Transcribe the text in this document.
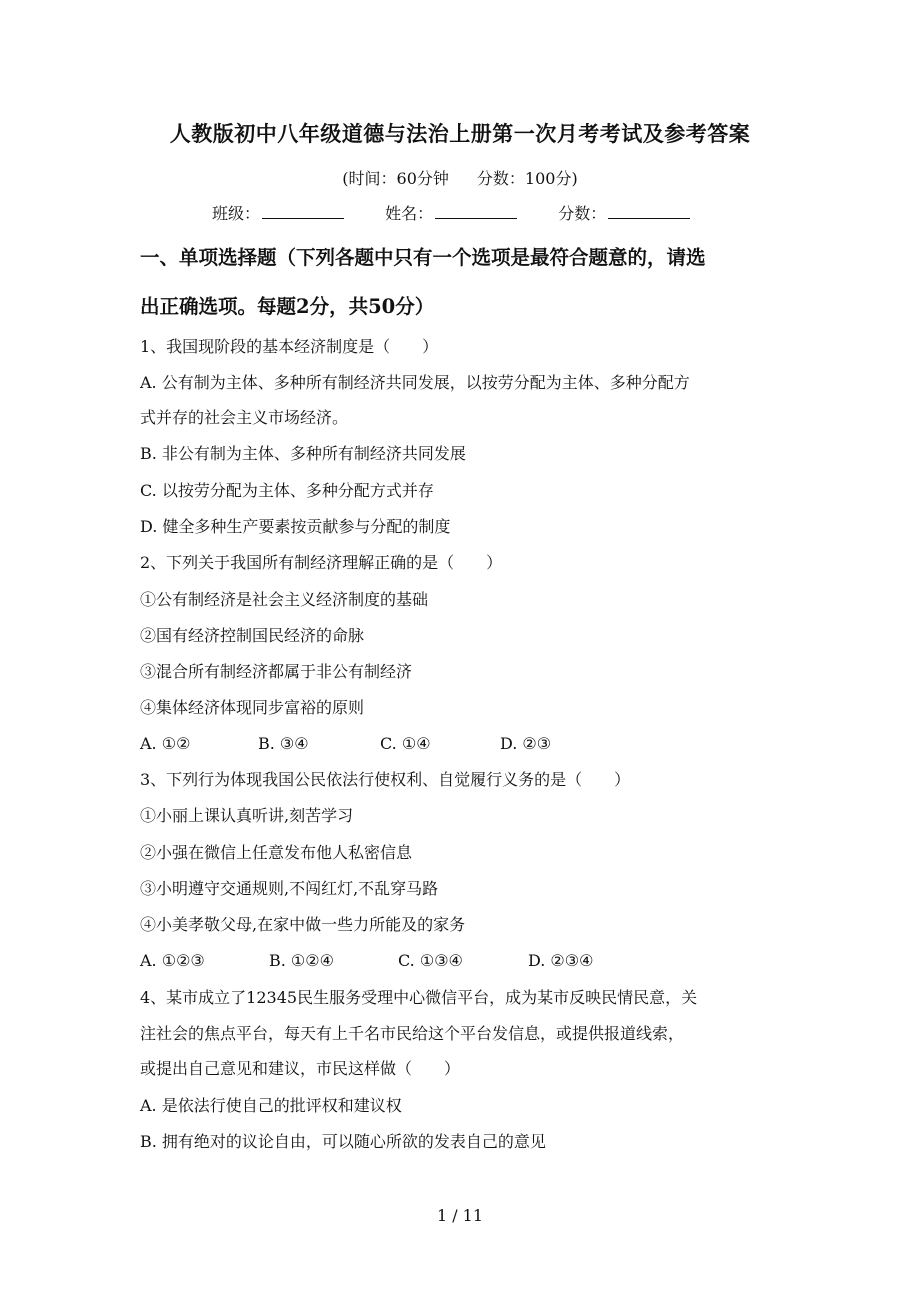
人教版初中八年级道德与法治上册第一次月考考试及参考答案
(时间：60分钟 分数：100分)
班级：	姓名：	分数：
一、单项选择题（下列各题中只有一个选项是最符合题意的，请选
出正确选项。每题2分，共50分）
1、我国现阶段的基本经济制度是（　　）
A. 公有制为主体、多种所有制经济共同发展，以按劳分配为主体、多种分配方
式并存的社会主义市场经济。
B. 非公有制为主体、多种所有制经济共同发展
C. 以按劳分配为主体、多种分配方式并存
D. 健全多种生产要素按贡献参与分配的制度
2、下列关于我国所有制经济理解正确的是（　　）
①公有制经济是社会主义经济制度的基础
②国有经济控制国民经济的命脉
③混合所有制经济都属于非公有制经济
④集体经济体现同步富裕的原则
A. ①②	B. ③④	C. ①④	D. ②③
3、下列行为体现我国公民依法行使权利、自觉履行义务的是（　　）
①小丽上课认真听讲,刻苦学习
②小强在微信上任意发布他人私密信息
③小明遵守交通规则,不闯红灯,不乱穿马路
④小美孝敬父母,在家中做一些力所能及的家务
A. ①②③	B. ①②④	C. ①③④	D. ②③④
4、某市成立了12345民生服务受理中心微信平台，成为某市反映民情民意，关
注社会的焦点平台，每天有上千名市民给这个平台发信息，或提供报道线索，
或提出自己意见和建议，市民这样做（　　）
A. 是依法行使自己的批评权和建议权
B. 拥有绝对的议论自由，可以随心所欲的发表自己的意见
1 / 11
